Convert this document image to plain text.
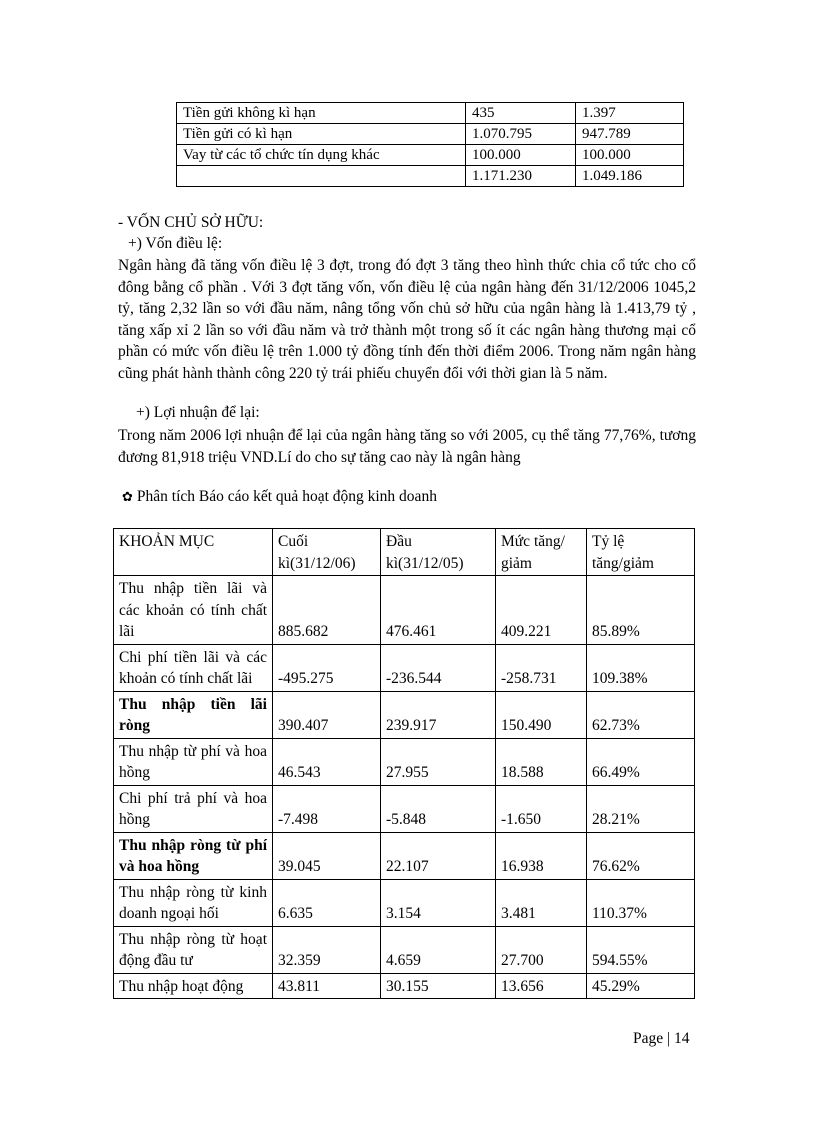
Tiền gửi không kì hạn	435	1.397
Tiền gửi có kì hạn	1.070.795	947.789
Vay từ các tổ chức tín dụng khác	100.000	100.000
	1.171.230	1.049.186
- VỐN CHỦ SỞ HỮU:
+) Vốn điều lệ:
Ngân hàng đã tăng vốn điều lệ 3 đợt, trong đó đợt 3 tăng theo hình thức chia cổ tức cho cổ đông bằng cổ phần . Với 3 đợt tăng vốn, vốn điều lệ của ngân hàng đến 31/12/2006 1045,2 tỷ, tăng 2,32 lần so với đầu năm, nâng tổng vốn chủ sở hữu của ngân hàng là 1.413,79 tỷ , tăng xấp xỉ 2 lần so với đầu năm và trở thành một trong số ít các ngân hàng thương mại cổ phần có mức vốn điều lệ trên 1.000 tỷ đồng tính đến thời điểm 2006. Trong năm ngân hàng cũng phát hành thành công 220 tỷ trái phiếu chuyển đổi với thời gian là 5 năm.
+) Lợi nhuận để lại:
Trong năm 2006 lợi nhuận để lại của ngân hàng tăng so với 2005, cụ thể tăng 77,76%, tương đương 81,918 triệu VND.Lí do cho sự tăng cao này là ngân hàng
✿ Phân tích Báo cáo kết quả hoạt động kinh doanh
KHOẢN MỤC	Cuối kì(31/12/06)	Đầu kì(31/12/05)	Mức tăng/ giảm	Tỷ lệ tăng/giảm
Thu nhập tiền lãi và các khoản có tính chất lãi	885.682	476.461	409.221	85.89%
Chi phí tiền lãi và các khoản có tính chất lãi	-495.275	-236.544	-258.731	109.38%
Thu nhập tiền lãi ròng	390.407	239.917	150.490	62.73%
Thu nhập từ phí và hoa hồng	46.543	27.955	18.588	66.49%
Chi phí trả phí và hoa hồng	-7.498	-5.848	-1.650	28.21%
Thu nhập ròng từ phí và hoa hồng	39.045	22.107	16.938	76.62%
Thu nhập ròng từ kinh doanh ngoại hối	6.635	3.154	3.481	110.37%
Thu nhập ròng từ hoạt động đầu tư	32.359	4.659	27.700	594.55%
Thu nhập hoạt động	43.811	30.155	13.656	45.29%
Page | 14
